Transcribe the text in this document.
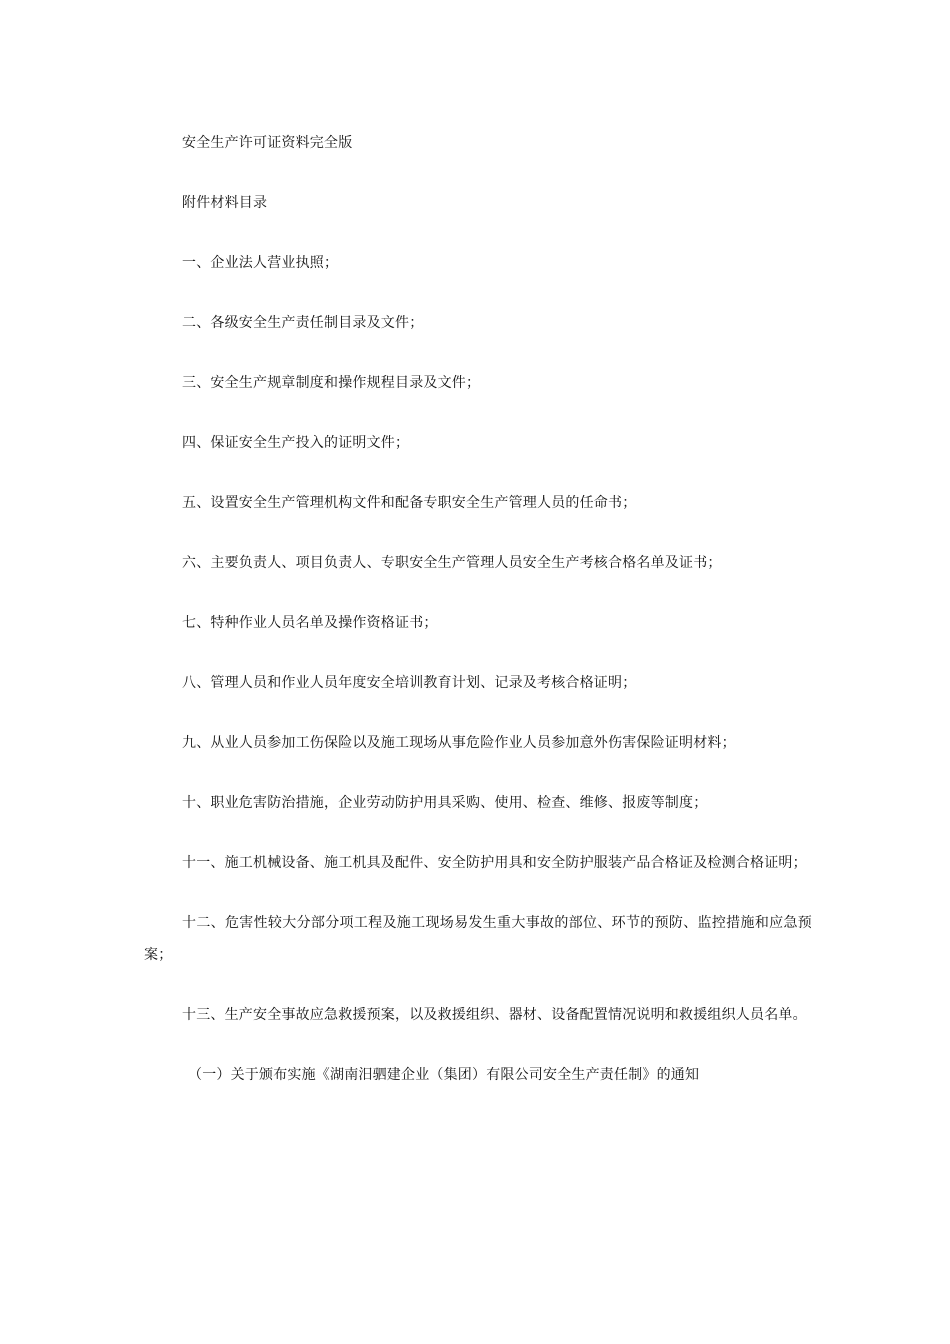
安全生产许可证资料完全版

附件材料目录

一、企业法人营业执照；

二、各级安全生产责任制目录及文件；

三、安全生产规章制度和操作规程目录及文件；

四、保证安全生产投入的证明文件；

五、设置安全生产管理机构文件和配备专职安全生产管理人员的任命书；

六、主要负责人、项目负责人、专职安全生产管理人员安全生产考核合格名单及证书；

七、特种作业人员名单及操作资格证书；

八、管理人员和作业人员年度安全培训教育计划、记录及考核合格证明；

九、从业人员参加工伤保险以及施工现场从事危险作业人员参加意外伤害保险证明材料；

十、职业危害防治措施，企业劳动防护用具采购、使用、检查、维修、报废等制度；

十一、施工机械设备、施工机具及配件、安全防护用具和安全防护服装产品合格证及检测合格证明；

十二、危害性较大分部分项工程及施工现场易发生重大事故的部位、环节的预防、监控措施和应急预案；

十三、生产安全事故应急救援预案，以及救援组织、器材、设备配置情况说明和救援组织人员名单。

（一）关于颁布实施《湖南汨驷建企业（集团）有限公司安全生产责任制》的通知
